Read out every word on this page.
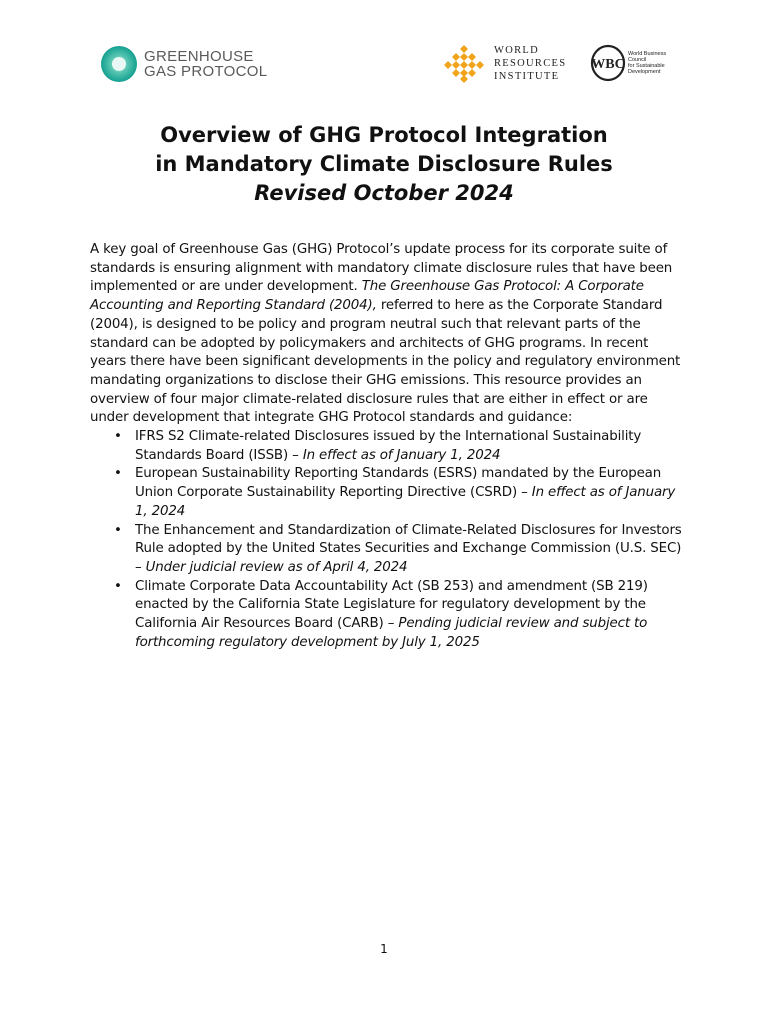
GREENHOUSE
GAS PROTOCOL
WORLD
RESOURCES
INSTITUTE
WBC
World Business
Council
for Sustainable
Development
Overview of GHG Protocol Integration
in Mandatory Climate Disclosure Rules
Revised October 2024

A key goal of Greenhouse Gas (GHG) Protocol’s update process for its corporate suite of standards is ensuring alignment with mandatory climate disclosure rules that have been implemented or are under development. The Greenhouse Gas Protocol: A Corporate Accounting and Reporting Standard (2004), referred to here as the Corporate Standard (2004), is designed to be policy and program neutral such that relevant parts of the standard can be adopted by policymakers and architects of GHG programs. In recent years there have been significant developments in the policy and regulatory environment mandating organizations to disclose their GHG emissions. This resource provides an overview of four major climate-related disclosure rules that are either in effect or are under development that integrate GHG Protocol standards and guidance:

• IFRS S2 Climate-related Disclosures issued by the International Sustainability Standards Board (ISSB) – In effect as of January 1, 2024
• European Sustainability Reporting Standards (ESRS) mandated by the European Union Corporate Sustainability Reporting Directive (CSRD) – In effect as of January 1, 2024
• The Enhancement and Standardization of Climate-Related Disclosures for Investors Rule adopted by the United States Securities and Exchange Commission (U.S. SEC) – Under judicial review as of April 4, 2024
• Climate Corporate Data Accountability Act (SB 253) and amendment (SB 219) enacted by the California State Legislature for regulatory development by the California Air Resources Board (CARB) – Pending judicial review and subject to forthcoming regulatory development by July 1, 2025
1
